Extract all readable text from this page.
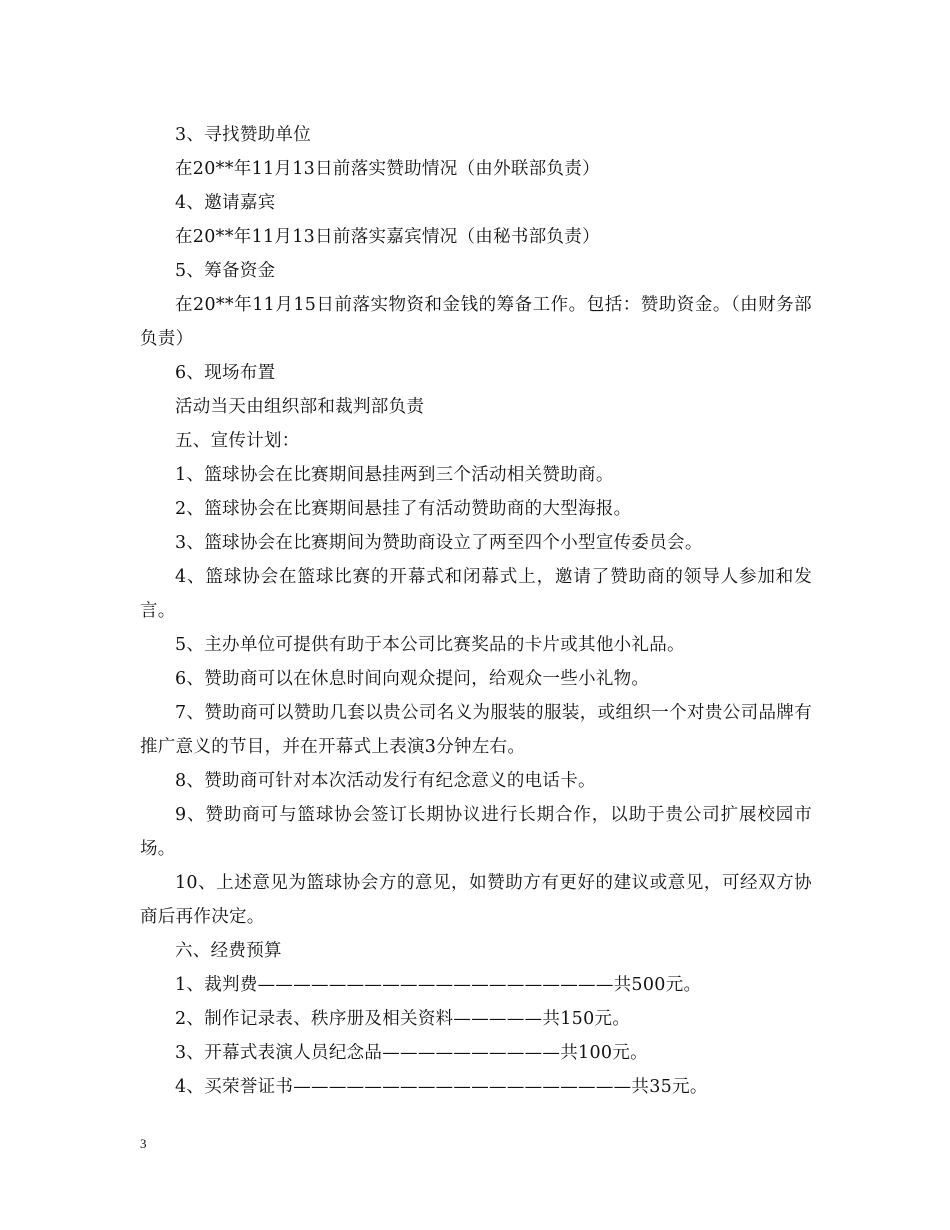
3、寻找赞助单位

在20**年11月13日前落实赞助情况（由外联部负责）

4、邀请嘉宾

在20**年11月13日前落实嘉宾情况（由秘书部负责）

5、筹备资金

在20**年11月15日前落实物资和金钱的筹备工作。包括：赞助资金。（由财务部负责）

6、现场布置

活动当天由组织部和裁判部负责

五、宣传计划：

1、篮球协会在比赛期间悬挂两到三个活动相关赞助商。

2、篮球协会在比赛期间悬挂了有活动赞助商的大型海报。

3、篮球协会在比赛期间为赞助商设立了两至四个小型宣传委员会。

4、篮球协会在篮球比赛的开幕式和闭幕式上，邀请了赞助商的领导人参加和发言。

5、主办单位可提供有助于本公司比赛奖品的卡片或其他小礼品。

6、赞助商可以在休息时间向观众提问，给观众一些小礼物。

7、赞助商可以赞助几套以贵公司名义为服装的服装，或组织一个对贵公司品牌有推广意义的节目，并在开幕式上表演3分钟左右。

8、赞助商可针对本次活动发行有纪念意义的电话卡。

9、赞助商可与篮球协会签订长期协议进行长期合作，以助于贵公司扩展校园市场。

10、上述意见为篮球协会方的意见，如赞助方有更好的建议或意见，可经双方协商后再作决定。

六、经费预算

1、裁判费————————————————————共500元。

2、制作记录表、秩序册及相关资料—————共150元。

3、开幕式表演人员纪念品——————————共100元。

4、买荣誉证书———————————————————共35元。

3
